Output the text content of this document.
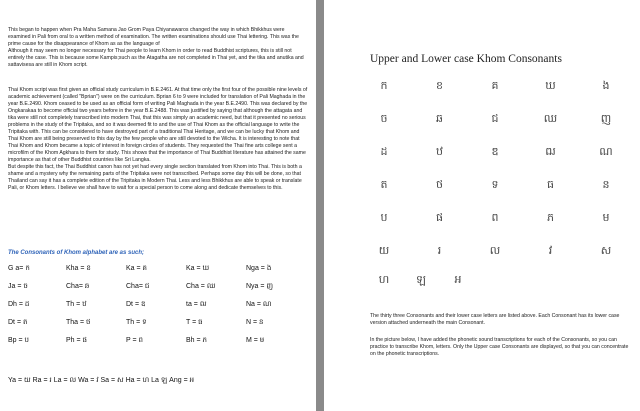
This began to happen when Pra Maha Samana Jao Grom Paya Chiyanawaros changed the way in which Bhikkhus were examined in Pali from oral to a written method of examination. The written examinations should use Thai lettering. This was the prime cause for the disappearance of Khom as as the language of
Although it may seem no longer necessary for Thai people to learn Khom in order to read Buddhist scriptures, this is still not entirely the case. This is because some Kampis;such as the Atagatha are not completed in Thai yet, and the tika and anutika and sattavisesa are still in Khom script.

Thai Khom script was first given an official study curriculum in B.E.2461. At that time only the first four of the possible nine levels of academic achievement (called "Bprian") were on the curriculum. Bprian 6 to 9 were included for translation of Pali Maghada in the year B.E.2490. Khom ceased to be used as an official form of writing Pali Maghada in the year B.E.2490. This was declared by the Ongkarakaa to become official two years before in the year B.E.2488. This was justified by saying that although the attagata and tika were still not completely transcribed into modern Thai, that this was simply an academic need, but that it presented no serious problems in the study of the Tripitaka, and so it was deemed fit to and the use of Thai Khom as the official language to write the Tripitaka with. This can be considered to have destroyed part of a traditional Thai Heritage, and we can be lucky that Khom and Thai Khom are still being preserved to this day by the few people who are still devoted to the Wicha. It is interesting to note that Thai Khom and Khom became a topic of interest in foreign circles of students. They requested the Thai fine arts college sent a microfilm of the Khom Agkhara to them for study. This shows that the importance of Thai Buddhist literature has attained the same importance as that of other Buddhist countries like Sri Langka.
But despite this fact, the Thai Buddhist canon has not yet had every single section translated from Khom into Thai. This is both a shame and a mystery why the remaining parts of the Tripitaka were not transcribed. Perhaps some day this will be done, so that Thailand can say it has a complete edition of the Tripitaka in Modern Thai. Less and less Bhikkhus are able to speak or translate Pali, or Khom letters. I believe we shall have to wait for a special person to come along and dedicate themselves to this.

The Consonants of Khom alphabet are as such;

G a= ក	Kha = ខ	Ka = គ	Ka = ឃ	Nga = ង
Ja = ច	Cha= ឆ	Cha= ជ	Cha = ឈ	Nya = ញ
Dh = ដ	Th = ឋ	Dt = ឌ	ta = ឍ	Na = ណ
Dt = ត	Tha = ថ	Th = ទ	T = ធ	N = ន
Bp = ប	Ph = ផ	P = ព	Bh = ភ	M = ម
Ya = យ Ra = រ La = ល Wa = វ Sa = ស Ha = ហ La ឡ Ang = អ

Upper and Lower case Khom Consonants

ក	ខ	គ	ឃ	ង
ច	ឆ	ជ	ឈ	ញ
ដ	ឋ	ឌ	ឍ	ណ
ត	ថ	ទ	ធ	ន
ប	ផ	ព	ភ	ម
យ	រ	ល	វ	ស
ហ	ឡ	អ

The thirty three Consonants and their lower case letters are listed above. Each Consonant has its lower case version attached underneath the main Consonant.

In the picture below, I have added the phonetic sound transcriptions for each of the Consonants, so you can practice to transcribe Khom, letters. Only the Upper case Consonants are displayed, so that you can concentrate on the phonetic transcriptions.
